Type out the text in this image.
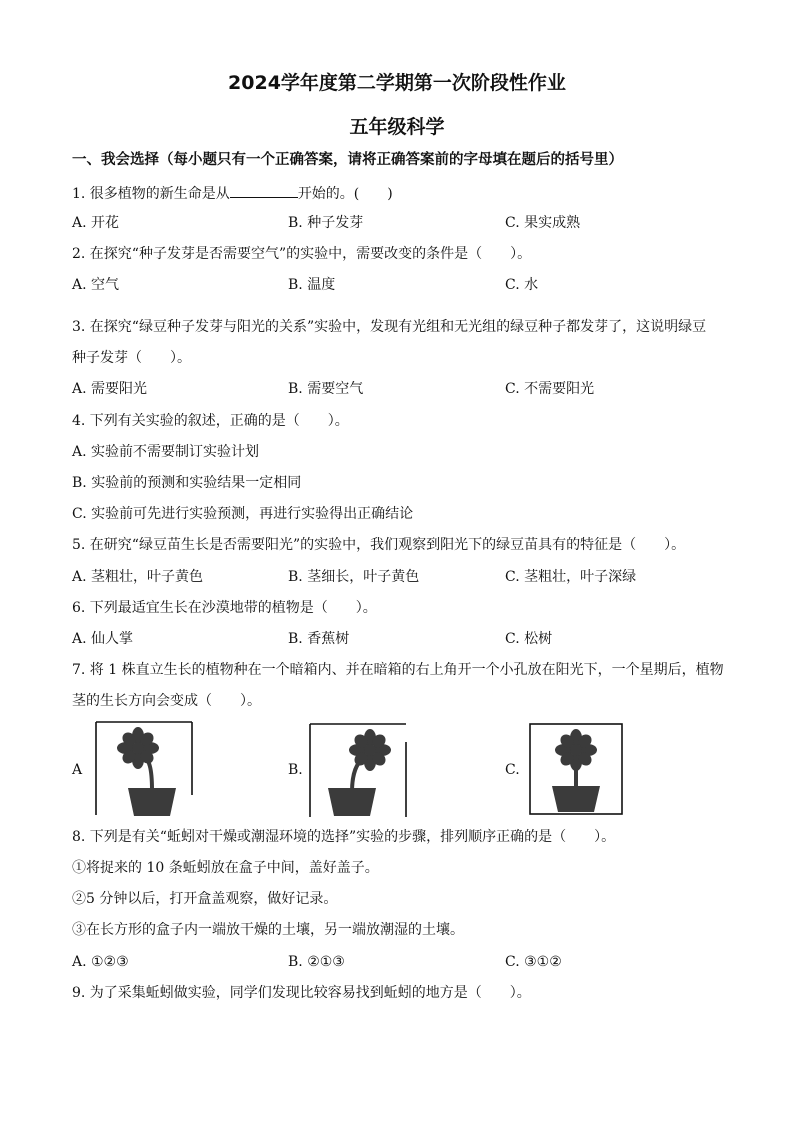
2024学年度第二学期第一次阶段性作业
五年级科学
一、我会选择（每小题只有一个正确答案，请将正确答案前的字母填在题后的括号里）
1. 很多植物的新生命是从	开始的。(　　)
A. 开花	B. 种子发芽	C. 果实成熟
2. 在探究“种子发芽是否需要空气”的实验中，需要改变的条件是（　　）。
A. 空气	B. 温度	C. 水
3. 在探究“绿豆种子发芽与阳光的关系”实验中，发现有光组和无光组的绿豆种子都发芽了，这说明绿豆
种子发芽（　　）。
A. 需要阳光	B. 需要空气	C. 不需要阳光
4. 下列有关实验的叙述，正确的是（　　）。
A. 实验前不需要制订实验计划
B. 实验前的预测和实验结果一定相同
C. 实验前可先进行实验预测，再进行实验得出正确结论
5. 在研究“绿豆苗生长是否需要阳光”的实验中，我们观察到阳光下的绿豆苗具有的特征是（　　）。
A. 茎粗壮，叶子黄色	B. 茎细长，叶子黄色	C. 茎粗壮，叶子深绿
6. 下列最适宜生长在沙漠地带的植物是（　　）。
A. 仙人掌	B. 香蕉树	C. 松树
7. 将 1 株直立生长的植物种在一个暗箱内、并在暗箱的右上角开一个小孔放在阳光下，一个星期后，植物
茎的生长方向会变成（　　）。
A	B.	C.
8. 下列是有关“蚯蚓对干燥或潮湿环境的选择”实验的步骤，排列顺序正确的是（　　）。
①将捉来的 10 条蚯蚓放在盒子中间，盖好盖子。
②5 分钟以后，打开盒盖观察，做好记录。
③在长方形的盒子内一端放干燥的土壤，另一端放潮湿的土壤。
A. ①②③	B. ②①③	C. ③①②
9. 为了采集蚯蚓做实验，同学们发现比较容易找到蚯蚓的地方是（　　）。
